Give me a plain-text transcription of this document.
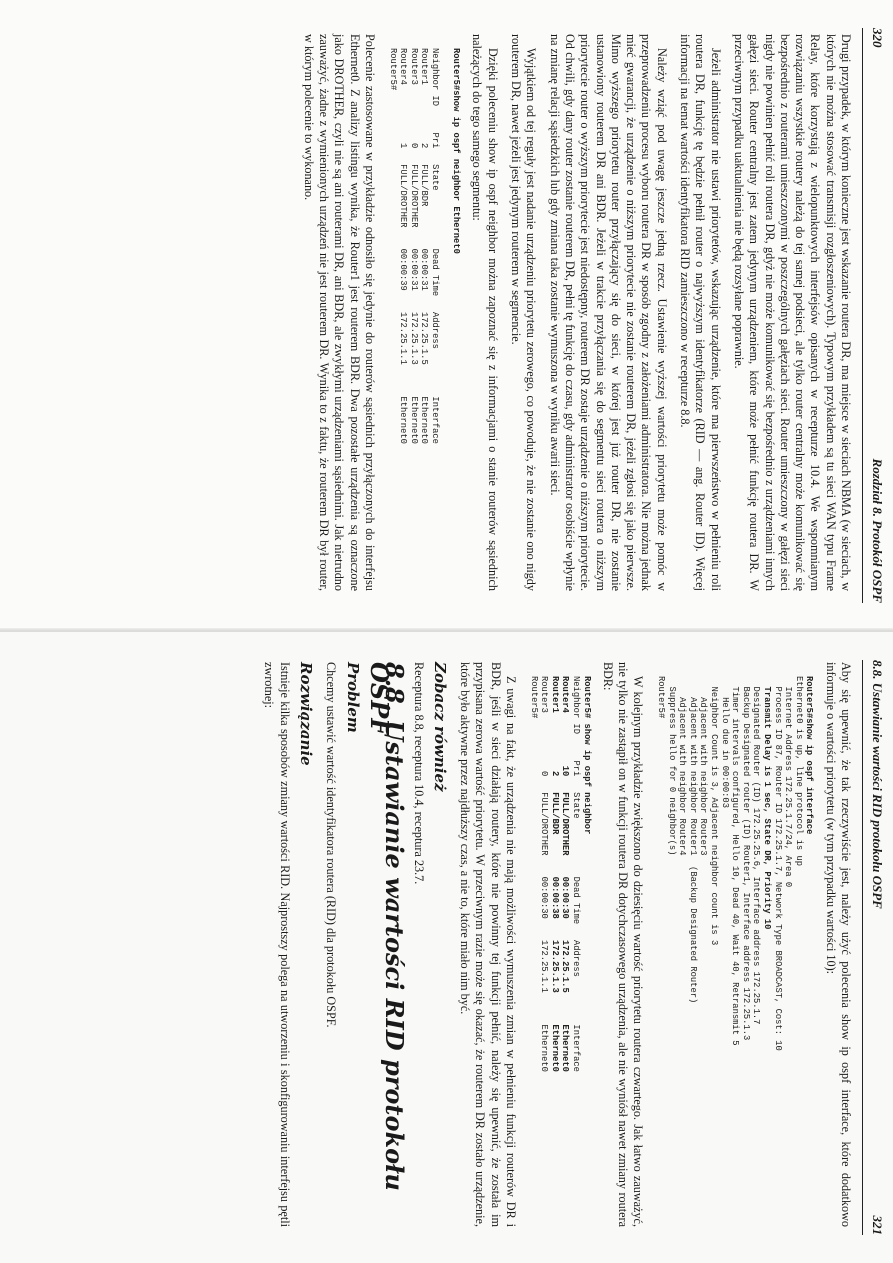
320
Rozdział 8. Protokół OSPF

Drugi przypadek, w którym konieczne jest wskazanie routera DR, ma miejsce w sieciach NBMA (w sieciach, w których nie można stosować transmisji rozgłoszeniowych). Typowym przykładem są tu sieci WAN typu Frame Relay, które korzystają z wielopunktowych interfejsów opisanych w recepturze 10.4. We wspomnianym rozwiązaniu wszystkie routery należą do tej samej podsieci, ale tylko router centralny może komunikować się bezpośrednio z routerami umieszczonymi w poszczególnych gałęziach sieci. Router umieszczony w gałęzi sieci nigdy nie powinien pełnić roli routera DR, gdyż nie może komunikować się bezpośrednio z urządzeniami innych gałęzi sieci. Router centralny jest zatem jedynym urządzeniem, które może pełnić funkcję routera DR. W przeciwnym przypadku uaktualnienia nie będą rozsyłane poprawnie.

Jeżeli administrator nie ustawi priorytetów, wskazując urządzenie, które ma pierwszeństwo w pełnieniu roli routera DR, funkcję tę będzie pełnił router o najwyższym identyfikatorze (RID — ang. Router ID). Więcej informacji na temat wartości identyfikatora RID zamieszczono w recepturze 8.8.

Należy wziąć pod uwagę jeszcze jedną rzecz. Ustawienie wyższej wartości priorytetu może pomóc w przeprowadzeniu procesu wyboru routera DR w sposób zgodny z założeniami administratora. Nie można jednak mieć gwarancji, że urządzenie o niższym priorytecie nie zostanie routerem DR, jeżeli zgłosi się jako pierwsze. Mimo wyższego priorytetu router przyłączający się do sieci, w której jest już router DR, nie zostanie ustanowiony routerem DR ani BDR. Jeżeli w trakcie przyłączania się do segmentu sieci routera o niższym priorytecie router o wyższym priorytecie jest niedostępny, routerem DR zostaje urządzenie o niższym priorytecie. Od chwili, gdy dany router zostanie routerem DR, pełni tę funkcję do czasu, gdy administrator osobiście wpłynie na zmianę relacji sąsiedzkich lub gdy zmiana taka zostanie wymuszona w wyniku awarii sieci.

Wyjątkiem od tej reguły jest nadanie urządzeniu priorytetu zerowego, co powoduje, że nie zostanie ono nigdy routerem DR, nawet jeżeli jest jedynym routerem w segmencie.

Dzięki poleceniu show ip ospf neighbor można zapoznać się z informacjami o stanie routerów sąsiednich należących do tego samego segmentu:

Router5#show ip ospf neighbor Ethernet0

Neighbor ID     Pri   State           Dead Time   Address         Interface
Router1           2   FULL/BDR        00:00:31    172.25.1.5      Ethernet0
Router3           0   FULL/DROTHER    00:00:31    172.25.1.3      Ethernet0
Router4           1   FULL/DROTHER    00:00:39    172.25.1.1      Ethernet0
Router5#

Polecenie zastosowane w przykładzie odnosiło się jedynie do routerów sąsiednich przyłączonych do interfejsu Ethernet0. Z analizy listingu wynika, że Router1 jest routerem BDR. Dwa pozostałe urządzenia są oznaczone jako DROTHER, czyli nie są ani routerami DR, ani BDR, ale zwykłymi urządzeniami sąsiednimi. Jak nietrudno zauważyć, żadne z wymienionych urządzeń nie jest routerem DR. Wynika to z faktu, że routerem DR był router, w którym polecenie to wykonano.

8.8. Ustawianie wartości RID protokołu OSPF
321

Aby się upewnić, że tak rzeczywiście jest, należy użyć polecenia show ip ospf interface, które dodatkowo informuje o wartości priorytetu (w tym przypadku wartości 10):

Router5#show ip ospf interface
Ethernet0 is up, line protocol is up
Internet Address 172.25.1.7/24, Area 0
Process ID 87, Router ID 172.25.1.7, Network Type BROADCAST, Cost: 10
Transmit Delay is 1 sec, State DR, Priority 10
Designated Router (ID) 172.25.25.6, Interface address 172.25.1.7
Backup Designated router (ID) Router1, Interface address 172.25.1.3
Timer intervals configured, Hello 10, Dead 40, Wait 40, Retransmit 5
Hello due in 00:00:03
Neighbor Count is 3, Adjacent neighbor count is 3
Adjacent with neighbor Router3
Adjacent with neighbor Router1  (Backup Designated Router)
Adjacent with neighbor Router4
Suppress hello for 0 neighbor(s)
Router5#

W kolejnym przykładzie zwiększono do dziesięciu wartość priorytetu routera czwartego. Jak łatwo zauważyć, nie tylko nie zastąpił on w funkcji routera DR dotychczasowego urządzenia, ale nie wyniósł nawet zmiany routera BDR:

Router5# show ip ospf neighbor
Neighbor ID     Pri   State           Dead Time   Address         Interface
Router4          10   FULL/DROTHER    00:00:30    172.25.1.5      Ethernet0
Router1           2   FULL/BDR        00:00:38    172.25.1.3      Ethernet0
Router3           0   FULL/DROTHER    00:00:30    172.25.1.1      Ethernet0
Router5#

Z uwagi na fakt, że urządzenia nie mają możliwości wymuszenia zmian w pełnieniu funkcji routerów DR i BDR, jeśli w sieci działają routery, które nie powinny tej funkcji pełnić, należy się upewnić, że została im przypisana zerowa wartość priorytetu. W przeciwnym razie może się okazać, że routerem DR zostało urządzenie, które było aktywne przez najdłuższy czas, a nie to, które miało nim być.

Zobacz również

Receptura 8.8, receptura 10.4, receptura 23.7.

8.8. Ustawianie wartości RID protokołu OSPF
Problem

Chcemy ustawić wartość identyfikatora routera (RID) dla protokołu OSPF.

Rozwiązanie

Istnieje kilka sposobów zmiany wartości RID. Najprostszy polega na utworzeniu i skonfigurowaniu interfejsu pętli zwrotnej:
